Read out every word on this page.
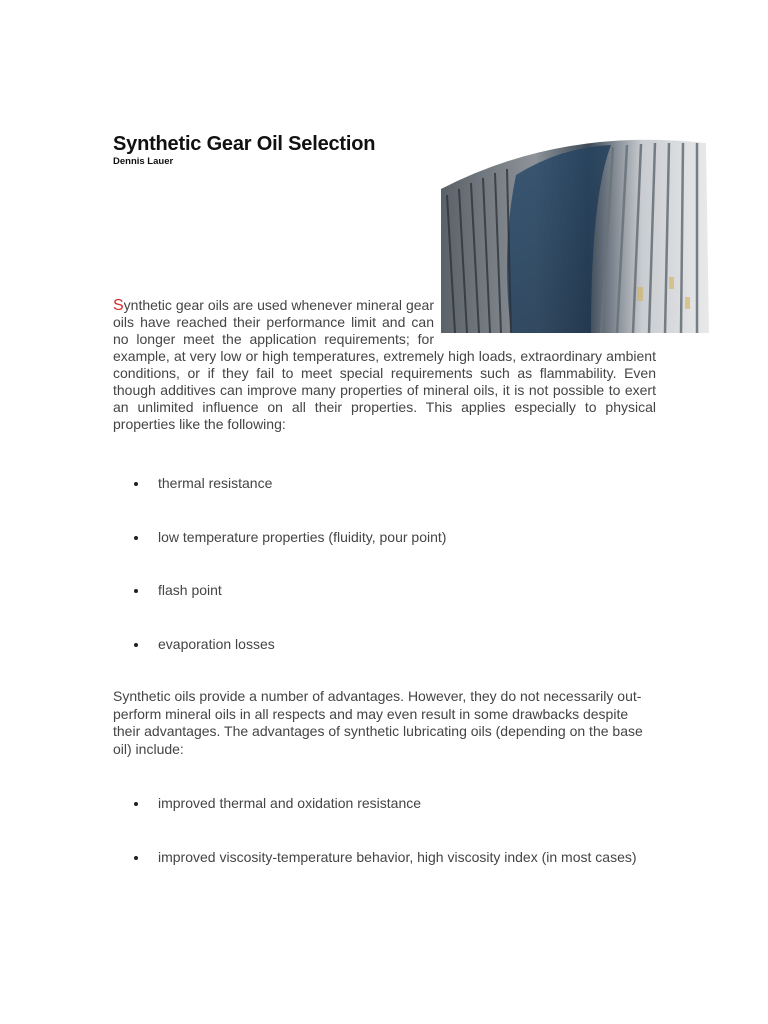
Synthetic Gear Oil Selection
Dennis Lauer
Synthetic gear oils are used whenever mineral gear oils have reached their performance limit and can no longer meet the application requirements; for example, at very low or high temperatures, extremely high loads, extraordinary ambient conditions, or if they fail to meet special requirements such as flammability. Even though additives can improve many properties of mineral oils, it is not possible to exert an unlimited influence on all their properties. This applies especially to physical properties like the following:
thermal resistance
low temperature properties (fluidity, pour point)
flash point
evaporation losses
Synthetic oils provide a number of advantages. However, they do not necessarily out-perform mineral oils in all respects and may even result in some drawbacks despite their advantages. The advantages of synthetic lubricating oils (depending on the base oil) include:
improved thermal and oxidation resistance
improved viscosity-temperature behavior, high viscosity index (in most cases)
